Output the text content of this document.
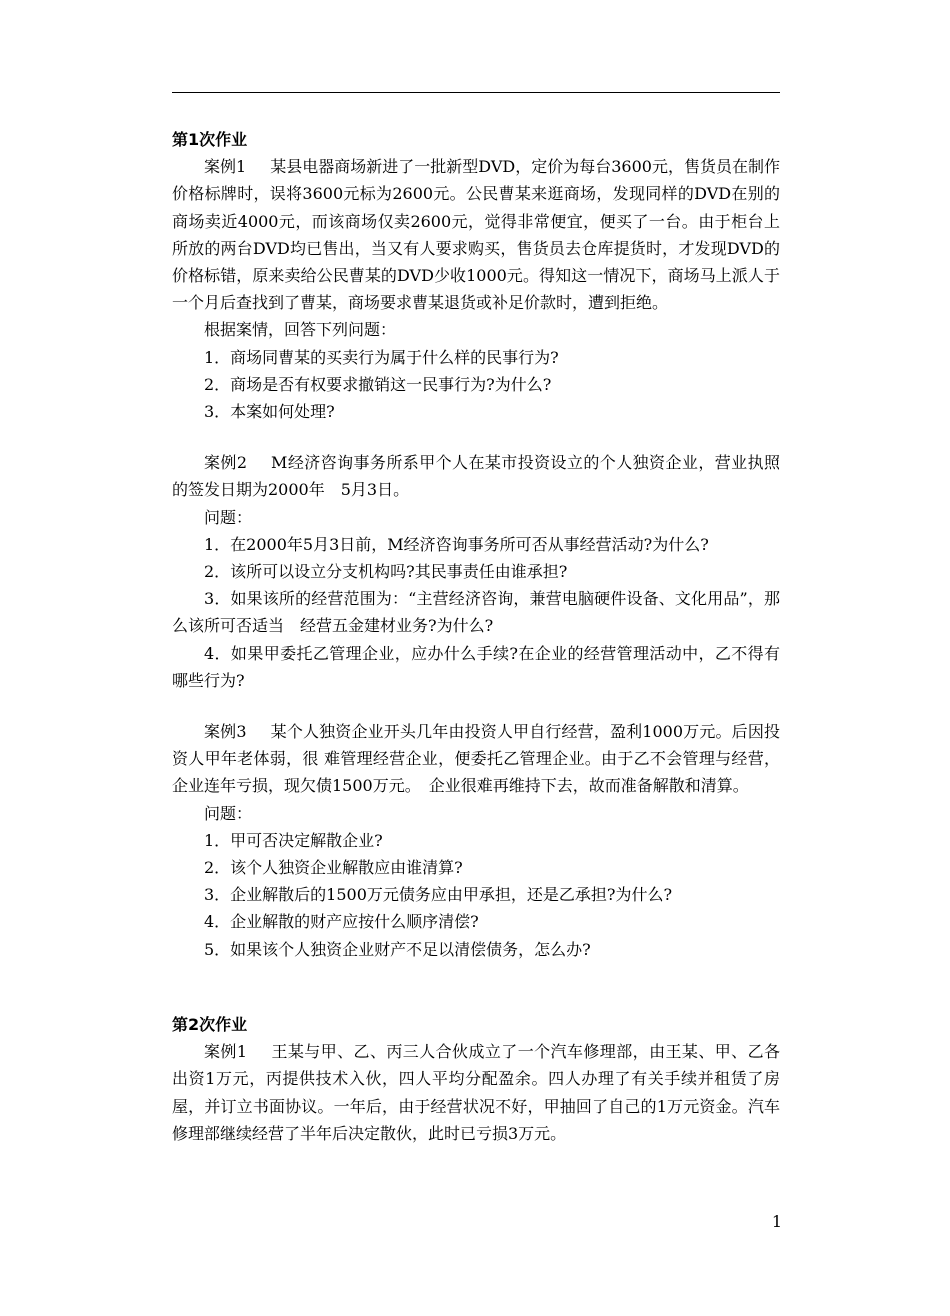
第1次作业

案例1 某县电器商场新进了一批新型DVD，定价为每台3600元，售货员在制作价格标牌时，误将3600元标为2600元。公民曹某来逛商场，发现同样的DVD在别的商场卖近4000元，而该商场仅卖2600元，觉得非常便宜，便买了一台。由于柜台上所放的两台DVD均已售出，当又有人要求购买，售货员去仓库提货时，才发现DVD的价格标错，原来卖给公民曹某的DVD少收1000元。得知这一情况下，商场马上派人于一个月后查找到了曹某，商场要求曹某退货或补足价款时，遭到拒绝。

根据案情，回答下列问题：

1．商场同曹某的买卖行为属于什么样的民事行为?

2．商场是否有权要求撤销这一民事行为?为什么?

3．本案如何处理?

案例2 M经济咨询事务所系甲个人在某市投资设立的个人独资企业，营业执照的签发日期为2000年　5月3日。

问题：

1．在2000年5月3日前，M经济咨询事务所可否从事经营活动?为什么?

2．该所可以设立分支机构吗?其民事责任由谁承担?

3．如果该所的经营范围为：“主营经济咨询，兼营电脑硬件设备、文化用品”，那么该所可否适当　经营五金建材业务?为什么?

4．如果甲委托乙管理企业，应办什么手续?在企业的经营管理活动中，乙不得有哪些行为?

案例3 某个人独资企业开头几年由投资人甲自行经营，盈利1000万元。后因投资人甲年老体弱，很 难管理经营企业，便委托乙管理企业。由于乙不会管理与经营，企业连年亏损，现欠债1500万元。　企业很难再维持下去，故而准备解散和清算。

问题：

1．甲可否决定解散企业?

2．该个人独资企业解散应由谁清算?

3．企业解散后的1500万元债务应由甲承担，还是乙承担?为什么?

4．企业解散的财产应按什么顺序清偿?

5．如果该个人独资企业财产不足以清偿债务，怎么办?

第2次作业

案例1 王某与甲、乙、丙三人合伙成立了一个汽车修理部，由王某、甲、乙各出资1万元，丙提供技术入伙，四人平均分配盈余。四人办理了有关手续并租赁了房屋，并订立书面协议。一年后，由于经营状况不好，甲抽回了自己的1万元资金。汽车修理部继续经营了半年后决定散伙，此时已亏损3万元。

1
